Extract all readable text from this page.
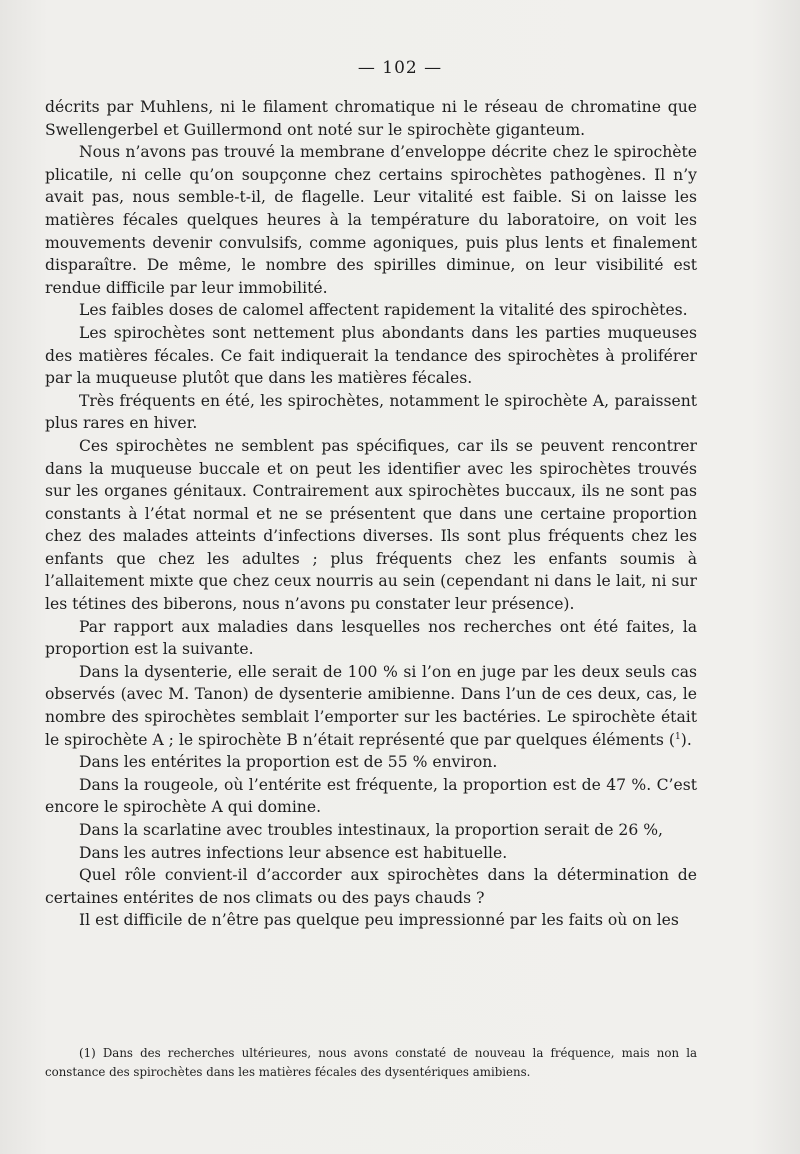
— 102 —

décrits par Muhlens, ni le filament chromatique ni le réseau de chromatine que Swellengerbel et Guillermond ont noté sur le spirochète giganteum.

Nous n’avons pas trouvé la membrane d’enveloppe décrite chez le spirochète plicatile, ni celle qu’on soupçonne chez certains spirochètes pathogènes. Il n’y avait pas, nous semble-t-il, de flagelle. Leur vitalité est faible. Si on laisse les matières fécales quelques heures à la température du laboratoire, on voit les mouvements devenir convulsifs, comme agoniques, puis plus lents et finalement disparaître. De même, le nombre des spirilles diminue, on leur visibilité est rendue difficile par leur immobilité.

Les faibles doses de calomel affectent rapidement la vitalité des spirochètes.

Les spirochètes sont nettement plus abondants dans les parties muqueuses des matières fécales. Ce fait indiquerait la tendance des spirochètes à proliférer par la muqueuse plutôt que dans les matières fécales.

Très fréquents en été, les spirochètes, notamment le spirochète A, paraissent plus rares en hiver.

Ces spirochètes ne semblent pas spécifiques, car ils se peuvent rencontrer dans la muqueuse buccale et on peut les identifier avec les spirochètes trouvés sur les organes génitaux. Contrairement aux spirochètes buccaux, ils ne sont pas constants à l’état normal et ne se présentent que dans une certaine proportion chez des malades atteints d’infections diverses. Ils sont plus fréquents chez les enfants que chez les adultes ; plus fréquents chez les enfants soumis à l’allaitement mixte que chez ceux nourris au sein (cependant ni dans le lait, ni sur les tétines des biberons, nous n’avons pu constater leur présence).

Par rapport aux maladies dans lesquelles nos recherches ont été faites, la proportion est la suivante.

Dans la dysenterie, elle serait de 100 % si l’on en juge par les deux seuls cas observés (avec M. Tanon) de dysenterie amibienne. Dans l’un de ces deux, cas, le nombre des spirochètes semblait l’emporter sur les bactéries. Le spirochète était le spirochète A ; le spirochète B n’était représenté que par quelques éléments ($^1$).

Dans les entérites la proportion est de 55 % environ.

Dans la rougeole, où l’entérite est fréquente, la proportion est de 47 %. C’est encore le spirochète A qui domine.

Dans la scarlatine avec troubles intestinaux, la proportion serait de 26 %,

Dans les autres infections leur absence est habituelle.

Quel rôle convient-il d’accorder aux spirochètes dans la détermination de certaines entérites de nos climats ou des pays chauds ?

Il est difficile de n’être pas quelque peu impressionné par les faits où on les

(1) Dans des recherches ultérieures, nous avons constaté de nouveau la fréquence, mais non la constance des spirochètes dans les matières fécales des dysentériques amibiens.
